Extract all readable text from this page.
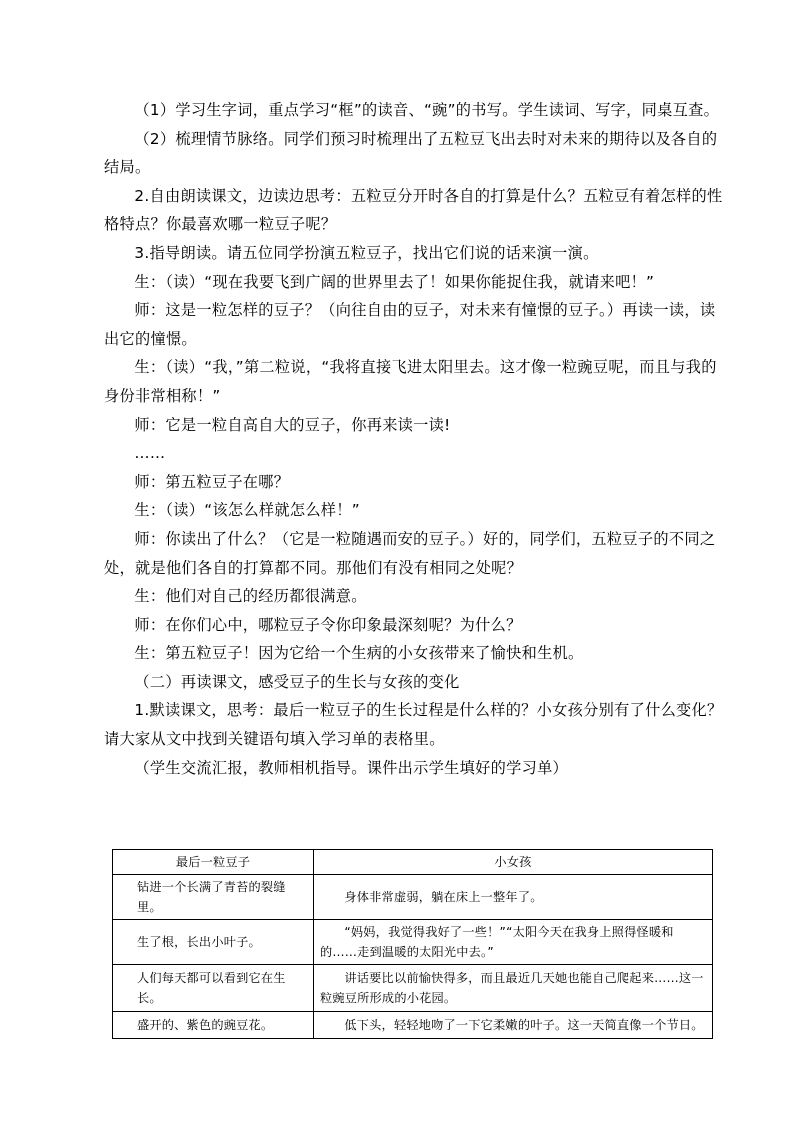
（1）学习生字词，重点学习“框”的读音、“豌”的书写。学生读词、写字，同桌互查。

（2）梳理情节脉络。同学们预习时梳理出了五粒豆飞出去时对未来的期待以及各自的结局。

2.自由朗读课文，边读边思考：五粒豆分开时各自的打算是什么？五粒豆有着怎样的性格特点？你最喜欢哪一粒豆子呢？

3.指导朗读。请五位同学扮演五粒豆子，找出它们说的话来演一演。

生：（读）“现在我要飞到广阔的世界里去了！如果你能捉住我，就请来吧！”

师：这是一粒怎样的豆子？（向往自由的豆子，对未来有憧憬的豆子。）再读一读，读出它的憧憬。

生：（读）“我，”第二粒说，“我将直接飞进太阳里去。这才像一粒豌豆呢，而且与我的身份非常相称！”

师：它是一粒自高自大的豆子，你再来读一读!

……

师：第五粒豆子在哪？

生：（读）“该怎么样就怎么样！”

师：你读出了什么？（它是一粒随遇而安的豆子。）好的，同学们，五粒豆子的不同之处，就是他们各自的打算都不同。那他们有没有相同之处呢？

生：他们对自己的经历都很满意。

师：在你们心中，哪粒豆子令你印象最深刻呢？为什么？

生：第五粒豆子！因为它给一个生病的小女孩带来了愉快和生机。

（二）再读课文，感受豆子的生长与女孩的变化

1.默读课文，思考：最后一粒豆子的生长过程是什么样的？小女孩分别有了什么变化？请大家从文中找到关键语句填入学习单的表格里。

（学生交流汇报，教师相机指导。课件出示学生填好的学习单）

最后一粒豆子	小女孩
钻进一个长满了青苔的裂缝里。	身体非常虚弱，躺在床上一整年了。
生了根，长出小叶子。	“妈妈，我觉得我好了一些！”“太阳今天在我身上照得怪暖和的……走到温暖的太阳光中去。”
人们每天都可以看到它在生长。	讲话要比以前愉快得多，而且最近几天她也能自己爬起来……这一粒豌豆所形成的小花园。
盛开的、紫色的豌豆花。	低下头，轻轻地吻了一下它柔嫩的叶子。这一天简直像一个节日。
